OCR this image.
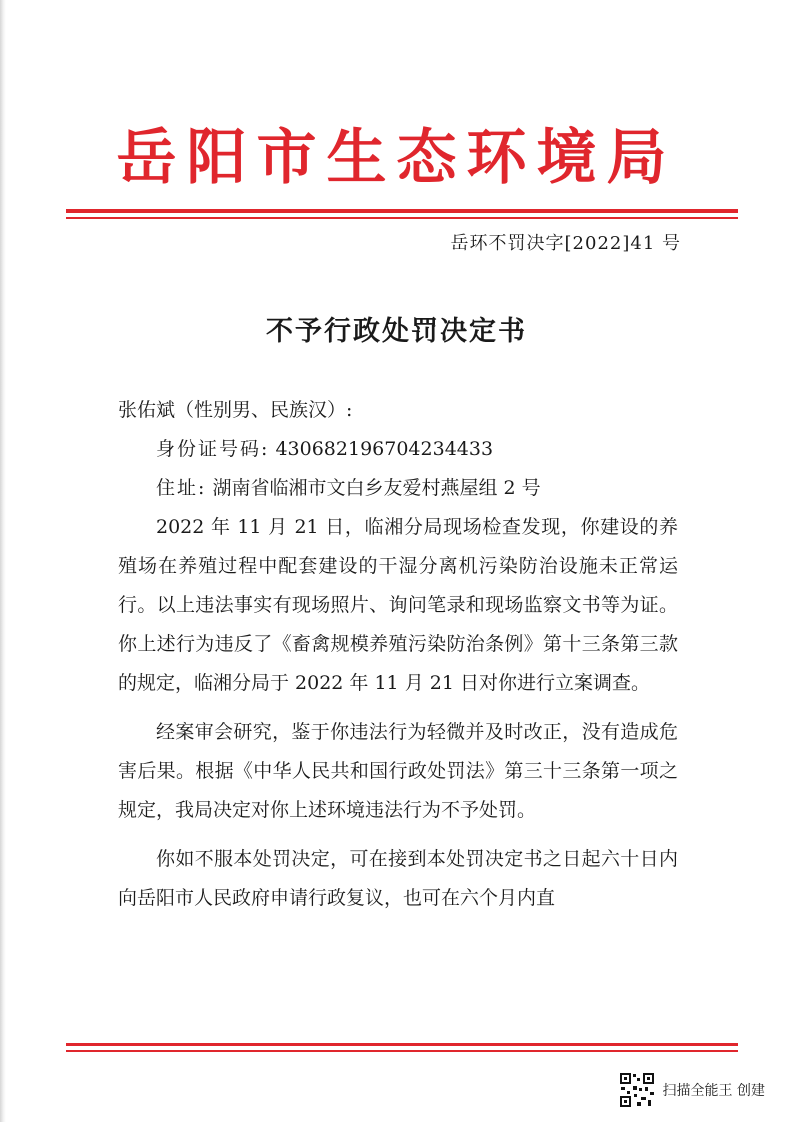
岳阳市生态环境局
岳环不罚决字[2022]41 号
不予行政处罚决定书

张佑斌（性别男、民族汉）:

身份证号码: 430682196704234433

住址: 湖南省临湘市文白乡友爱村燕屋组 2 号

2022 年 11 月 21 日，临湘分局现场检查发现，你建设的养殖场在养殖过程中配套建设的干湿分离机污染防治设施未正常运行。以上违法事实有现场照片、询问笔录和现场监察文书等为证。你上述行为违反了《畜禽规模养殖污染防治条例》第十三条第三款的规定，临湘分局于 2022 年 11 月 21 日对你进行立案调查。

经案审会研究，鉴于你违法行为轻微并及时改正，没有造成危害后果。根据《中华人民共和国行政处罚法》第三十三条第一项之规定，我局决定对你上述环境违法行为不予处罚。

你如不服本处罚决定，可在接到本处罚决定书之日起六十日内向岳阳市人民政府申请行政复议，也可在六个月内直

扫描全能王 创建
